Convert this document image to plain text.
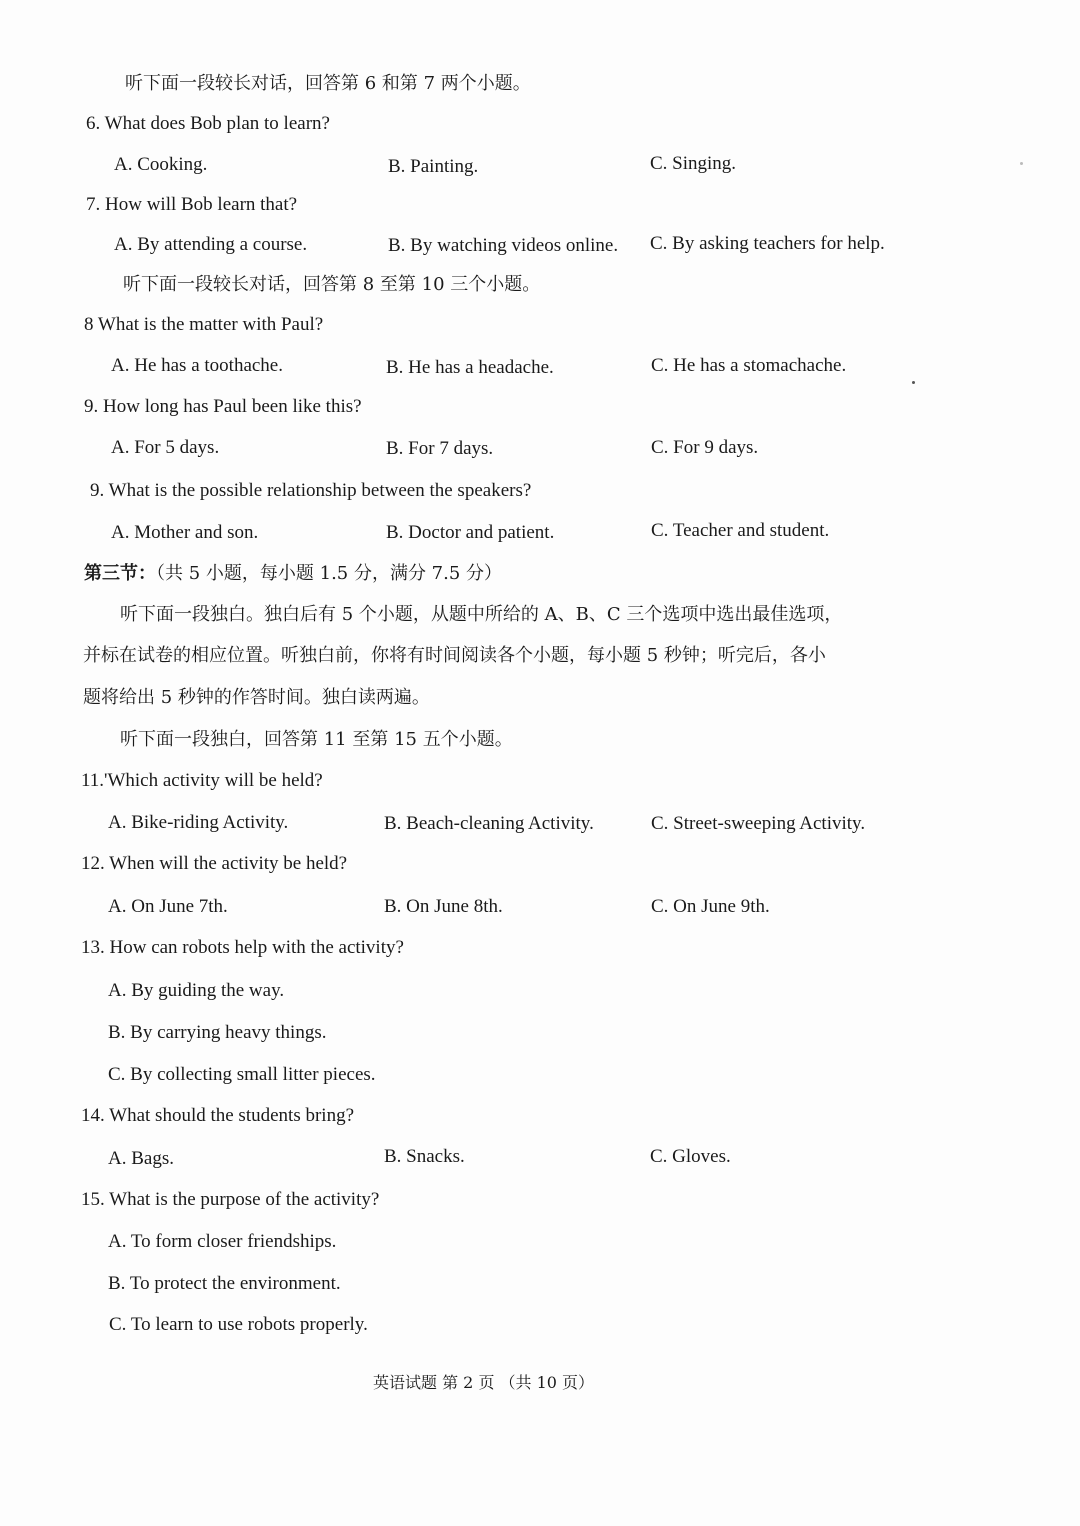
听下面一段较长对话，回答第 6 和第 7 两个小题。
6. What does Bob plan to learn?
A. Cooking.	B. Painting.	C. Singing.
7. How will Bob learn that?
A. By attending a course.	B. By watching videos online. C. By asking teachers for help.
听下面一段较长对话，回答第 8 至第 10 三个小题。
8 What is the matter with Paul?
A. He has a toothache.	B. He has a headache.	C. He has a stomachache.
9. How long has Paul been like this?
A. For 5 days.	B. For 7 days.	C. For 9 days.
9. What is the possible relationship between the speakers?
A. Mother and son.	B. Doctor and patient.	C. Teacher and student.
第三节：（共 5 小题，每小题 1.5 分，满分 7.5 分）
听下面一段独白。独白后有 5 个小题，从题中所给的 A、B、C 三个选项中选出最佳选项，
并标在试卷的相应位置。听独白前，你将有时间阅读各个小题，每小题 5 秒钟；听完后，各小
题将给出 5 秒钟的作答时间。独白读两遍。
听下面一段独白，回答第 11 至第 15 五个小题。
11.'Which activity will be held?
A. Bike-riding Activity.	B. Beach-cleaning Activity.	C. Street-sweeping Activity.
12. When will the activity be held?
A. On June 7th.	B. On June 8th.	C. On June 9th.
13. How can robots help with the activity?
A. By guiding the way.
B. By carrying heavy things.
C. By collecting small litter pieces.
14. What should the students bring?
A. Bags.	B. Snacks.	C. Gloves.
15. What is the purpose of the activity?
A. To form closer friendships.
B. To protect the environment.
C. To learn to use robots properly.
英语试题 第 2 页 （共 10 页）
